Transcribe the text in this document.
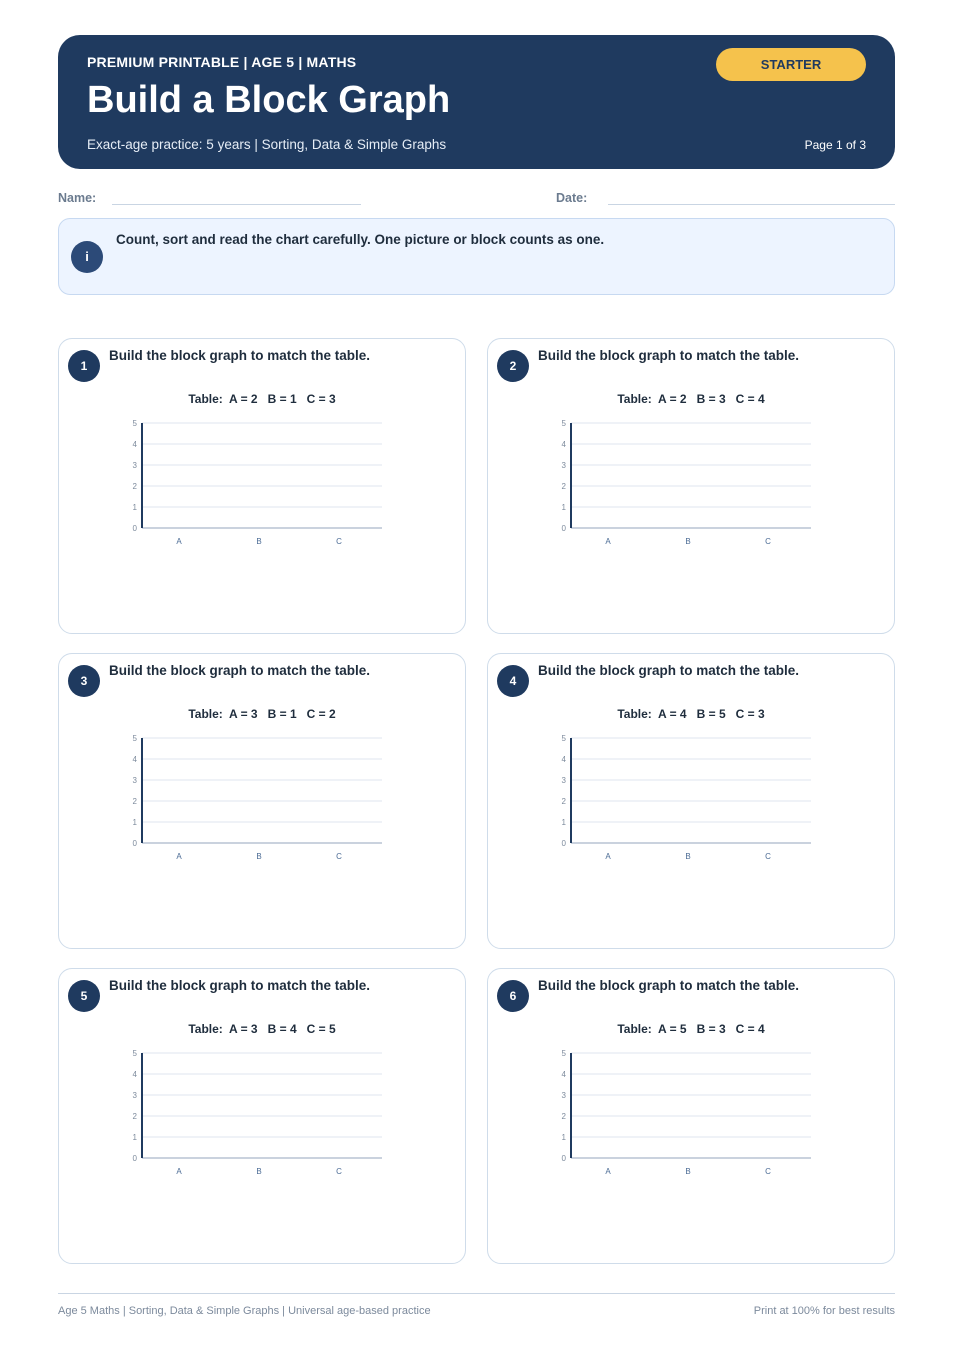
PREMIUM PRINTABLE | AGE 5 | MATHS
Build a Block Graph
Exact-age practice: 5 years | Sorting, Data & Simple Graphs
STARTER
Page 1 of 3
Name:	Date:
i
Count, sort and read the chart carefully. One picture or block counts as one.
1
Build the block graph to match the table.
Table:  A = 2   B = 1   C = 3
0
1
2
3
4
5
A	B	C
2
Build the block graph to match the table.
Table:  A = 2   B = 3   C = 4
0
1
2
3
4
5
A	B	C
3
Build the block graph to match the table.
Table:  A = 3   B = 1   C = 2
0
1
2
3
4
5
A	B	C
4
Build the block graph to match the table.
Table:  A = 4   B = 5   C = 3
0
1
2
3
4
5
A	B	C
5
Build the block graph to match the table.
Table:  A = 3   B = 4   C = 5
0
1
2
3
4
5
A	B	C
6
Build the block graph to match the table.
Table:  A = 5   B = 3   C = 4
0
1
2
3
4
5
A	B	C
Age 5 Maths | Sorting, Data & Simple Graphs | Universal age-based practice	Print at 100% for best results
